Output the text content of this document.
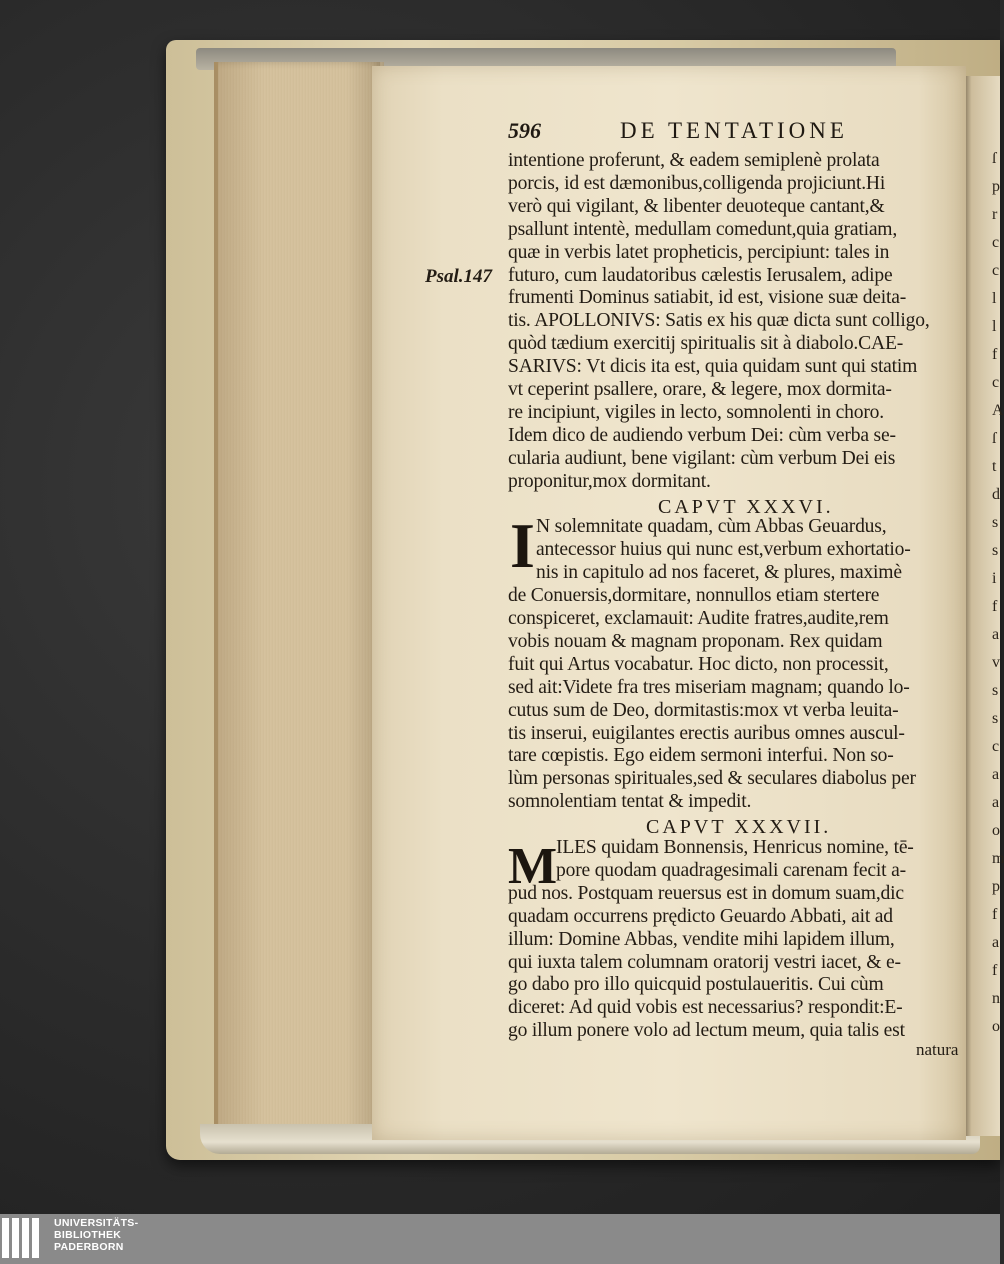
ſ
p
r
c
c
l
l
f
c
A
ſ
t
d
s
s
i
f
a
v
s
s
c
a
a
o
m
p
f
a
f
n
o
596	DE TENTATIONE
Psal.147
intentione proferunt, & eadem semiplenè prolata
porcis, id est dæmonibus,colligenda projiciunt.Hi
verò qui vigilant, & libenter deuoteque cantant,&
psallunt intentè, medullam comedunt,quia gratiam,
quæ in verbis latet propheticis, percipiunt: tales in
futuro, cum laudatoribus cælestis Ierusalem, adipe
frumenti Dominus satiabit, id est, visione suæ deita-
tis. APOLLONIVS: Satis ex his quæ dicta sunt colligo,
quòd tædium exercitij spiritualis sit à diabolo.CAE-
SARIVS: Vt dicis ita est, quia quidam sunt qui statim
vt ceperint psallere, orare, & legere, mox dormita-
re incipiunt, vigiles in lecto, somnolenti in choro.
Idem dico de audiendo verbum Dei: cùm verba se-
cularia audiunt, bene vigilant: cùm verbum Dei eis
proponitur,mox dormitant.
CAPVT XXXVI.
I N solemnitate quadam, cùm Abbas Geuardus,
antecessor huius qui nunc est,verbum exhortatio-
nis in capitulo ad nos faceret, & plures, maximè
de Conuersis,dormitare, nonnullos etiam stertere
conspiceret, exclamauit: Audite fratres,audite,rem
vobis nouam & magnam proponam. Rex quidam
fuit qui Artus vocabatur. Hoc dicto, non processit,
sed ait:Videte fra tres miseriam magnam; quando lo-
cutus sum de Deo, dormitastis:mox vt verba leuita-
tis inserui, euigilantes erectis auribus omnes auscul-
tare cœpistis. Ego eidem sermoni interfui. Non so-
lùm personas spirituales,sed & seculares diabolus per
somnolentiam tentat & impedit.
CAPVT XXXVII.
M
ILES quidam Bonnensis, Henricus nomine, tē-
pore quodam quadragesimali carenam fecit a-
pud nos. Postquam reuersus est in domum suam,dic
quadam occurrens prędicto Geuardo Abbati, ait ad
illum: Domine Abbas, vendite mihi lapidem illum,
qui iuxta talem columnam oratorij vestri iacet, & e-
go dabo pro illo quicquid postulaueritis. Cui cùm
diceret: Ad quid vobis est necessarius? respondit:E-
go illum ponere volo ad lectum meum, quia talis est
natura
UNIVERSITÄTS-
BIBLIOTHEK
PADERBORN
